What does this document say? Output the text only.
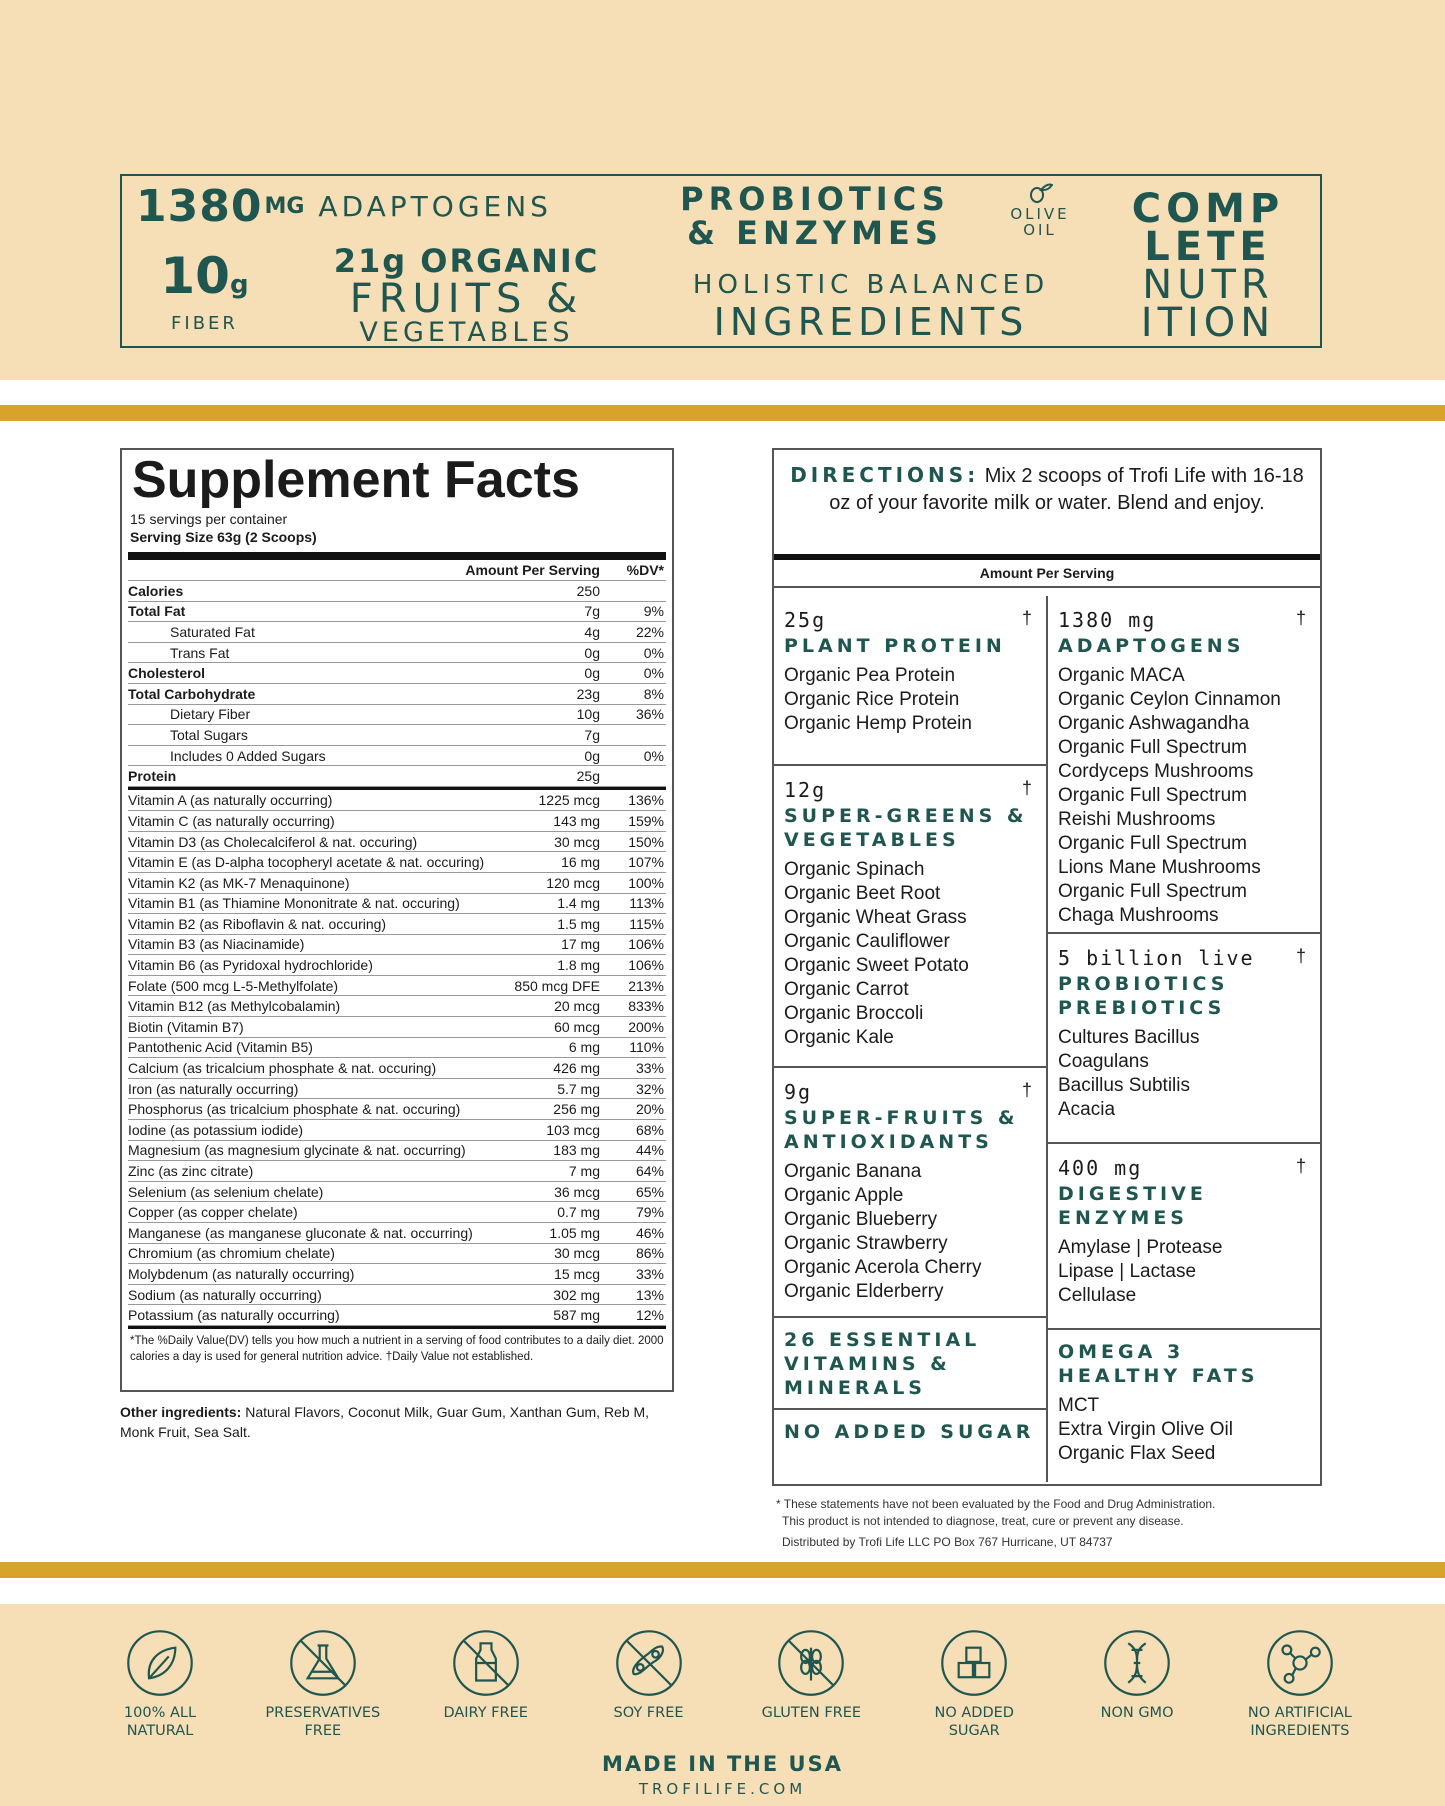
1380 MG ADAPTOGENS
10g
FIBER
21g ORGANIC
FRUITS &
VEGETABLES
PROBIOTICS
& ENZYMES	OLIVE
OIL
HOLISTIC BALANCED
INGREDIENTS
COMP
LETE
NUTR
ITION
Supplement Facts
15 servings per container
Serving Size 63g (2 Scoops)
	Amount Per Serving	%DV*
Calories	250	
Total Fat	7g	9%
Saturated Fat	4g	22%
Trans Fat	0g	0%
Cholesterol	0g	0%
Total Carbohydrate	23g	8%
Dietary Fiber	10g	36%
Total Sugars	7g	
Includes 0 Added Sugars	0g	0%
Protein	25g	
Vitamin A (as naturally occurring)	1225 mcg	136%
Vitamin C (as naturally occurring)	143 mg	159%
Vitamin D3 (as Cholecalciferol & nat. occuring)	30 mcg	150%
Vitamin E (as D-alpha tocopheryl acetate & nat. occuring)	16 mg	107%
Vitamin K2 (as MK-7 Menaquinone)	120 mcg	100%
Vitamin B1 (as Thiamine Mononitrate & nat. occuring)	1.4 mg	113%
Vitamin B2 (as Riboflavin & nat. occuring)	1.5 mg	115%
Vitamin B3 (as Niacinamide)	17 mg	106%
Vitamin B6 (as Pyridoxal hydrochloride)	1.8 mg	106%
Folate (500 mcg L-5-Methylfolate)	850 mcg DFE	213%
Vitamin B12 (as Methylcobalamin)	20 mcg	833%
Biotin (Vitamin B7)	60 mcg	200%
Pantothenic Acid (Vitamin B5)	6 mg	110%
Calcium (as tricalcium phosphate & nat. occuring)	426 mg	33%
Iron (as naturally occurring)	5.7 mg	32%
Phosphorus (as tricalcium phosphate & nat. occuring)	256 mg	20%
Iodine (as potassium iodide)	103 mcg	68%
Magnesium (as magnesium glycinate & nat. occurring)	183 mg	44%
Zinc (as zinc citrate)	7 mg	64%
Selenium (as selenium chelate)	36 mcg	65%
Copper (as copper chelate)	0.7 mg	79%
Manganese (as manganese gluconate & nat. occurring)	1.05 mg	46%
Chromium (as chromium chelate)	30 mcg	86%
Molybdenum (as naturally occurring)	15 mcg	33%
Sodium (as naturally occurring)	302 mg	13%
Potassium (as naturally occurring)	587 mg	12%
*The %Daily Value(DV) tells you how much a nutrient in a serving of food contributes to a daily diet. 2000 calories a day is used for general nutrition advice. †Daily Value not established.
Other ingredients: Natural Flavors, Coconut Milk, Guar Gum, Xanthan Gum, Reb M, Monk Fruit, Sea Salt.
DIRECTIONS: Mix 2 scoops of Trofi Life with 16-18 oz of your favorite milk or water. Blend and enjoy.
Amount Per Serving
25g	†
PLANT PROTEIN
Organic Pea Protein
Organic Rice Protein
Organic Hemp Protein
12g	†
SUPER-GREENS & VEGETABLES
Organic Spinach
Organic Beet Root
Organic Wheat Grass
Organic Cauliflower
Organic Sweet Potato
Organic Carrot
Organic Broccoli
Organic Kale
9g	†
SUPER-FRUITS & ANTIOXIDANTS
Organic Banana
Organic Apple
Organic Blueberry
Organic Strawberry
Organic Acerola Cherry
Organic Elderberry
26 ESSENTIAL VITAMINS & MINERALS
NO ADDED SUGAR
1380 mg	†
ADAPTOGENS
Organic MACA
Organic Ceylon Cinnamon
Organic Ashwagandha
Organic Full Spectrum
Cordyceps Mushrooms
Organic Full Spectrum
Reishi Mushrooms
Organic Full Spectrum
Lions Mane Mushrooms
Organic Full Spectrum
Chaga Mushrooms
5 billion live	†
PROBIOTICS PREBIOTICS
Cultures Bacillus
Coagulans
Bacillus Subtilis
Acacia
400 mg	†
DIGESTIVE ENZYMES
Amylase | Protease
Lipase | Lactase
Cellulase
OMEGA 3 HEALTHY FATS
MCT
Extra Virgin Olive Oil
Organic Flax Seed
* These statements have not been evaluated by the Food and Drug Administration.
This product is not intended to diagnose, treat, cure or prevent any disease.
Distributed by Trofi Life LLC PO Box 767 Hurricane, UT 84737
100% ALL
NATURAL
PRESERVATIVES
FREE
DAIRY FREE	SOY FREE	GLUTEN FREE	NO ADDED
SUGAR
NON GMO	NO ARTIFICIAL
INGREDIENTS
MADE IN THE USA
TROFILIFE.COM
